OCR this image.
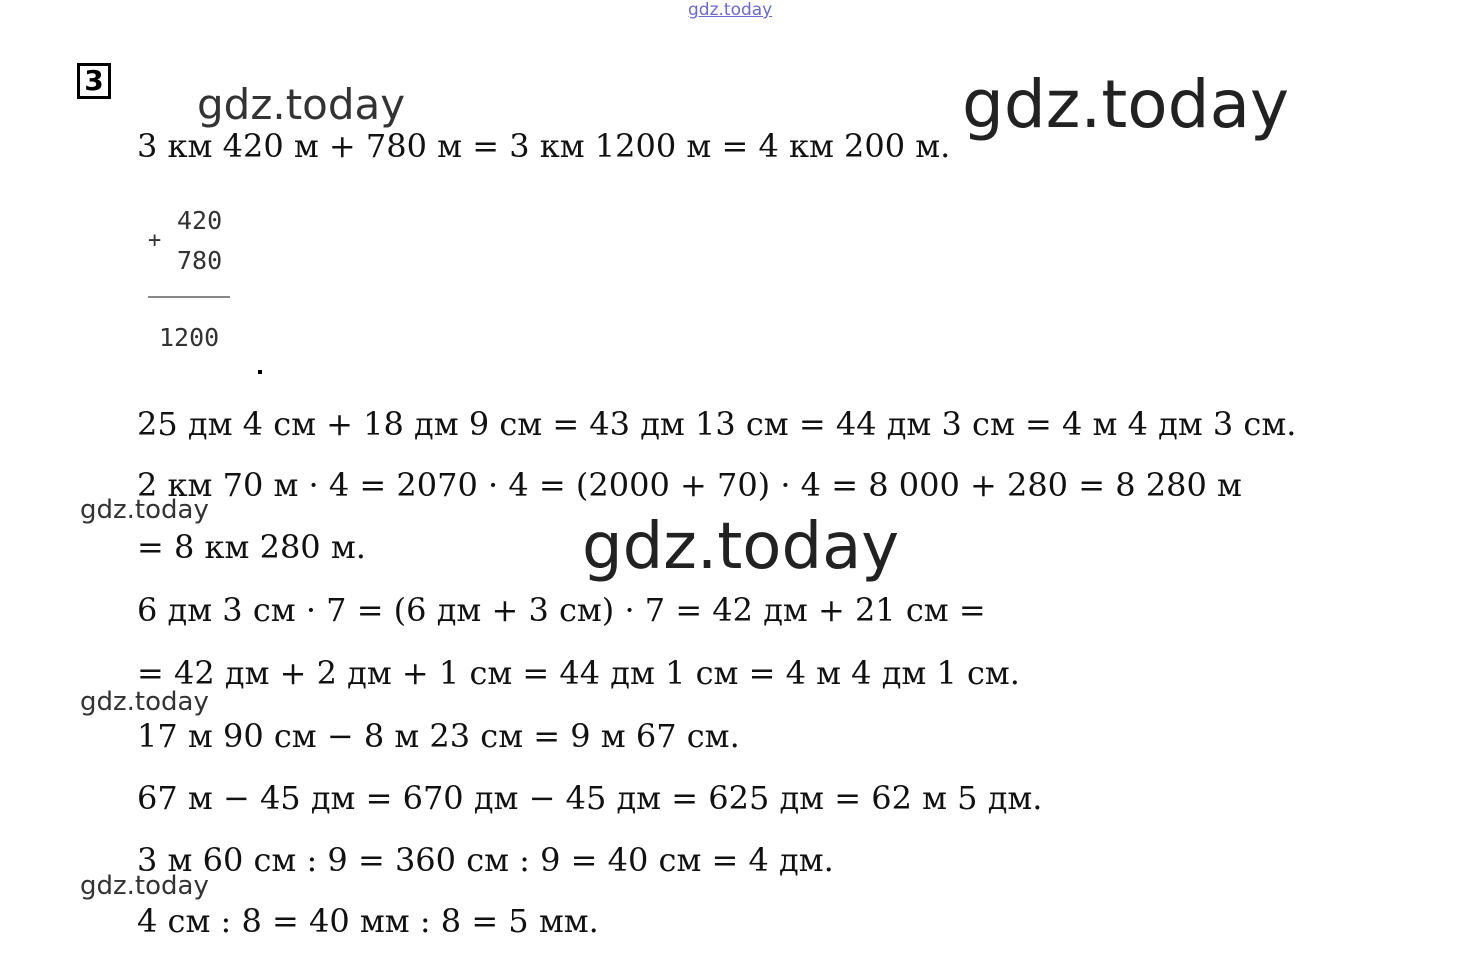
gdz.today
gdz.today	gdz.today
gdz.today
gdz.today
gdz.today
gdz.today
3
3 км 420 м + 780 м = 3 км 1200 м = 4 км 200 м.
+
420
780
1200
25 дм 4 см + 18 дм 9 см = 43 дм 13 см = 44 дм 3 см = 4 м 4 дм 3 см.
2 км 70 м · 4 = 2070 · 4 = (2000 + 70) · 4 = 8 000 + 280 = 8 280 м
= 8 км 280 м.
6 дм 3 см · 7 = (6 дм + 3 см) · 7 = 42 дм + 21 см =
= 42 дм + 2 дм + 1 см = 44 дм 1 см = 4 м 4 дм 1 см.
17 м 90 см − 8 м 23 см = 9 м 67 см.
67 м − 45 дм = 670 дм − 45 дм = 625 дм = 62 м 5 дм.
3 м 60 см : 9 = 360 см : 9 = 40 см = 4 дм.
4 см : 8 = 40 мм : 8 = 5 мм.
